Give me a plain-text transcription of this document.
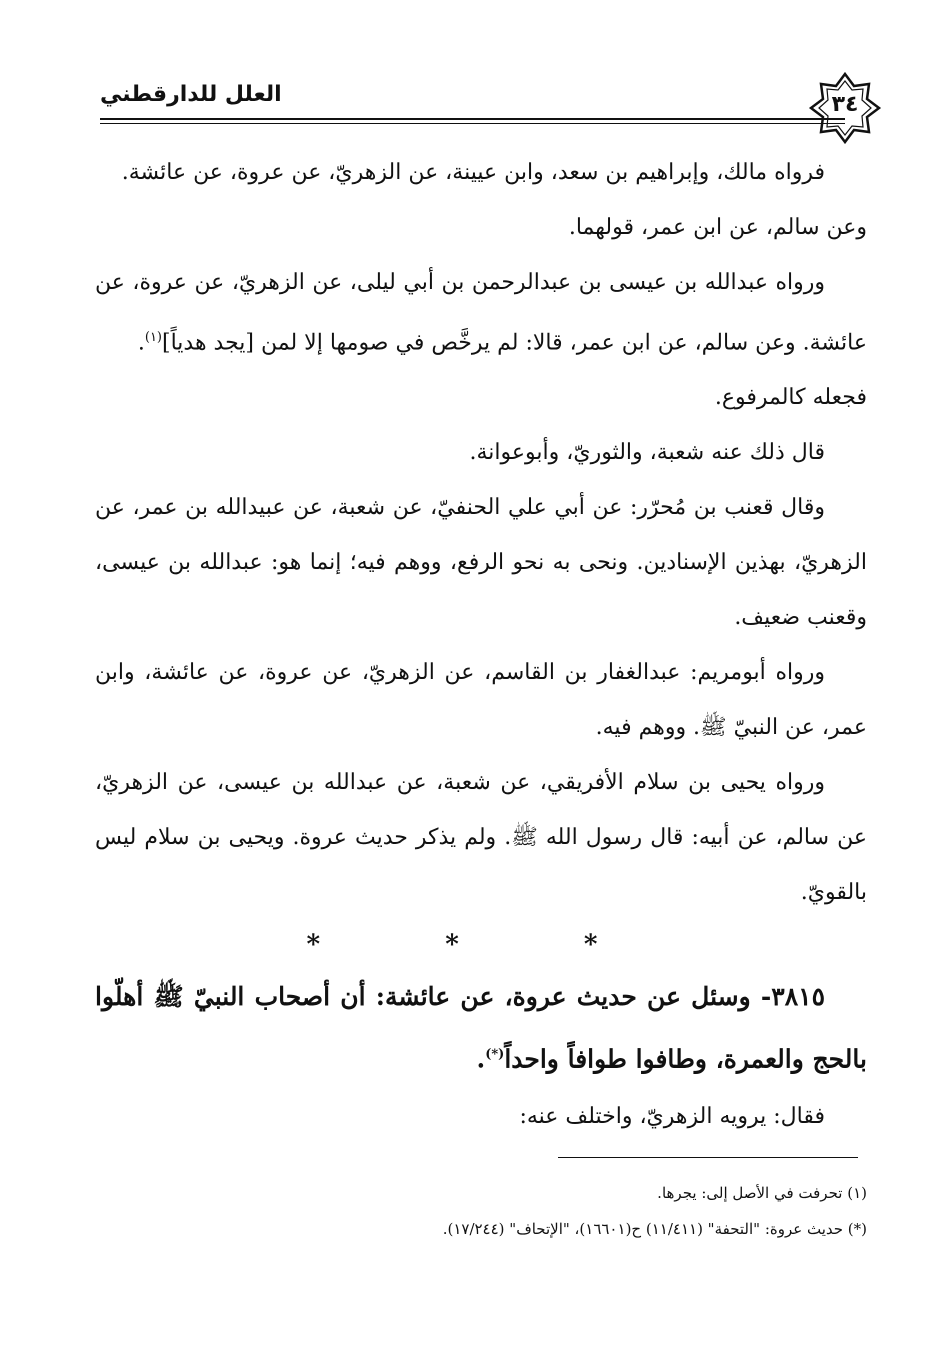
العلل للدارقطني	٣٤

فرواه مالك، وإبراهيم بن سعد، وابن عيينة، عن الزهريّ، عن عروة، عن عائشة.

وعن سالم، عن ابن عمر، قولهما.

ورواه عبدالله بن عيسى بن عبدالرحمن بن أبي ليلى، عن الزهريّ، عن عروة، عن عائشة. وعن سالم، عن ابن عمر، قالا: لم يرخَّص في صومها إلا لمن [يجد هدياً]$^{(١)}$.

فجعله كالمرفوع.

قال ذلك عنه شعبة، والثوريّ، وأبوعوانة.

وقال قعنب بن مُحرّر: عن أبي علي الحنفيّ، عن شعبة، عن عبيدالله بن عمر، عن الزهريّ، بهذين الإسنادين. ونحى به نحو الرفع، ووهم فيه؛ إنما هو: عبدالله بن عيسى، وقعنب ضعيف.

ورواه أبومريم: عبدالغفار بن القاسم، عن الزهريّ، عن عروة، عن عائشة، وابن عمر، عن النبيّ ﷺ. ووهم فيه.

ورواه يحيى بن سلام الأفريقي، عن شعبة، عن عبدالله بن عيسى، عن الزهريّ، عن سالم، عن أبيه: قال رسول الله ﷺ. ولم يذكر حديث عروة. ويحيى بن سلام ليس بالقويّ.

* * *

٣٨١٥- وسئل عن حديث عروة، عن عائشة: أن أصحاب النبيّ ﷺ أهلّوا بالحج والعمرة، وطافوا طوافاً واحداً(*).

فقال: يرويه الزهريّ، واختلف عنه:

(١) تحرفت في الأصل إلى: يجرها.

(*) حديث عروة: "التحفة" (١١/٤١١) ح(١٦٦٠١)، "الإتحاف" (١٧/٢٤٤).
